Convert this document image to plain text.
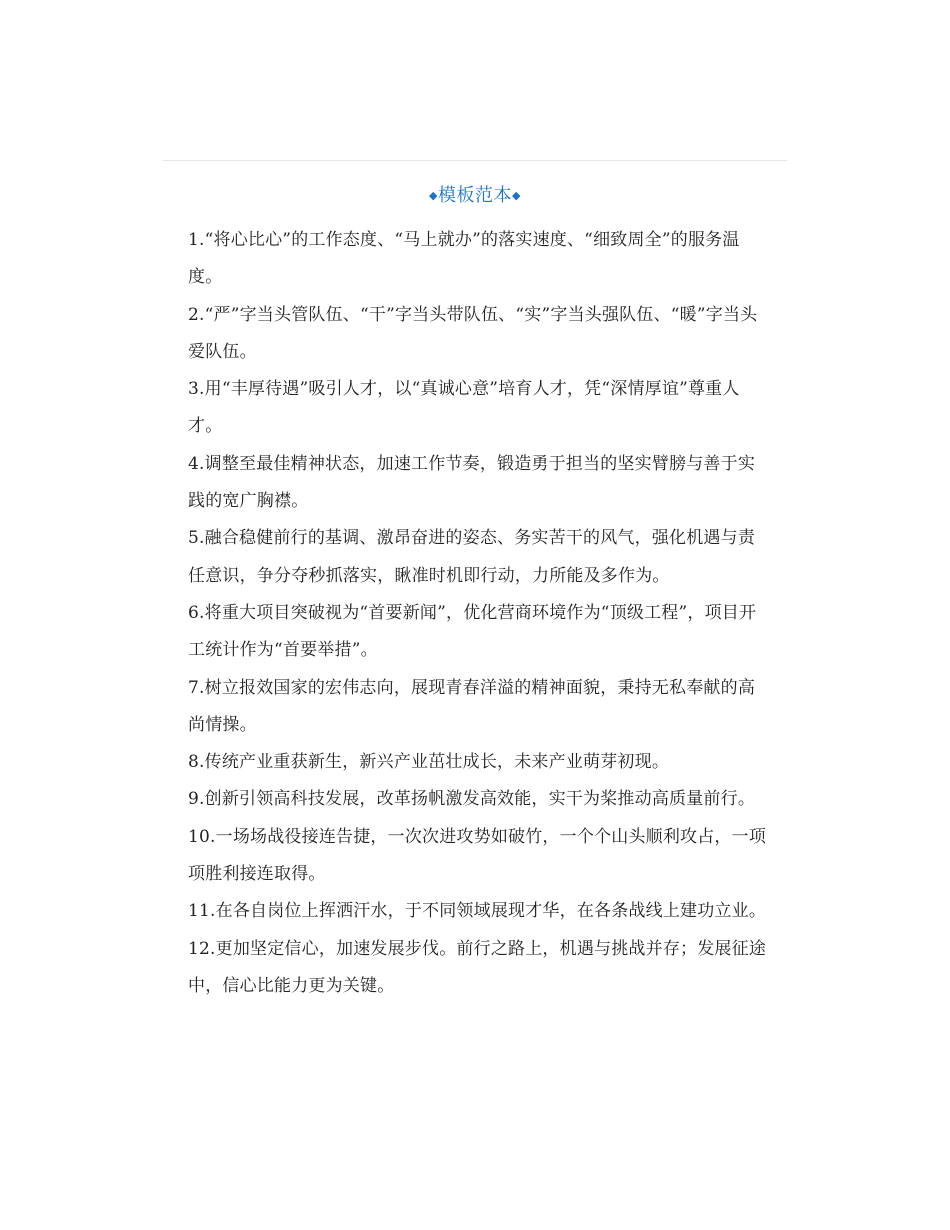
◆模板范本◆
1.“将心比心”的工作态度、“马上就办”的落实速度、“细致周全”的服务温度。
2.“严”字当头管队伍、“干”字当头带队伍、“实”字当头强队伍、“暖”字当头爱队伍。
3.用“丰厚待遇”吸引人才，以“真诚心意”培育人才，凭“深情厚谊”尊重人才。
4.调整至最佳精神状态，加速工作节奏，锻造勇于担当的坚实臂膀与善于实践的宽广胸襟。
5.融合稳健前行的基调、激昂奋进的姿态、务实苦干的风气，强化机遇与责任意识，争分夺秒抓落实，瞅准时机即行动，力所能及多作为。
6.将重大项目突破视为“首要新闻”，优化营商环境作为“顶级工程”，项目开工统计作为“首要举措”。
7.树立报效国家的宏伟志向，展现青春洋溢的精神面貌，秉持无私奉献的高尚情操。
8.传统产业重获新生，新兴产业茁壮成长，未来产业萌芽初现。
9.创新引领高科技发展，改革扬帆激发高效能，实干为桨推动高质量前行。
10.一场场战役接连告捷，一次次进攻势如破竹，一个个山头顺利攻占，一项项胜利接连取得。
11.在各自岗位上挥洒汗水，于不同领域展现才华，在各条战线上建功立业。
12.更加坚定信心，加速发展步伐。前行之路上，机遇与挑战并存；发展征途中，信心比能力更为关键。
